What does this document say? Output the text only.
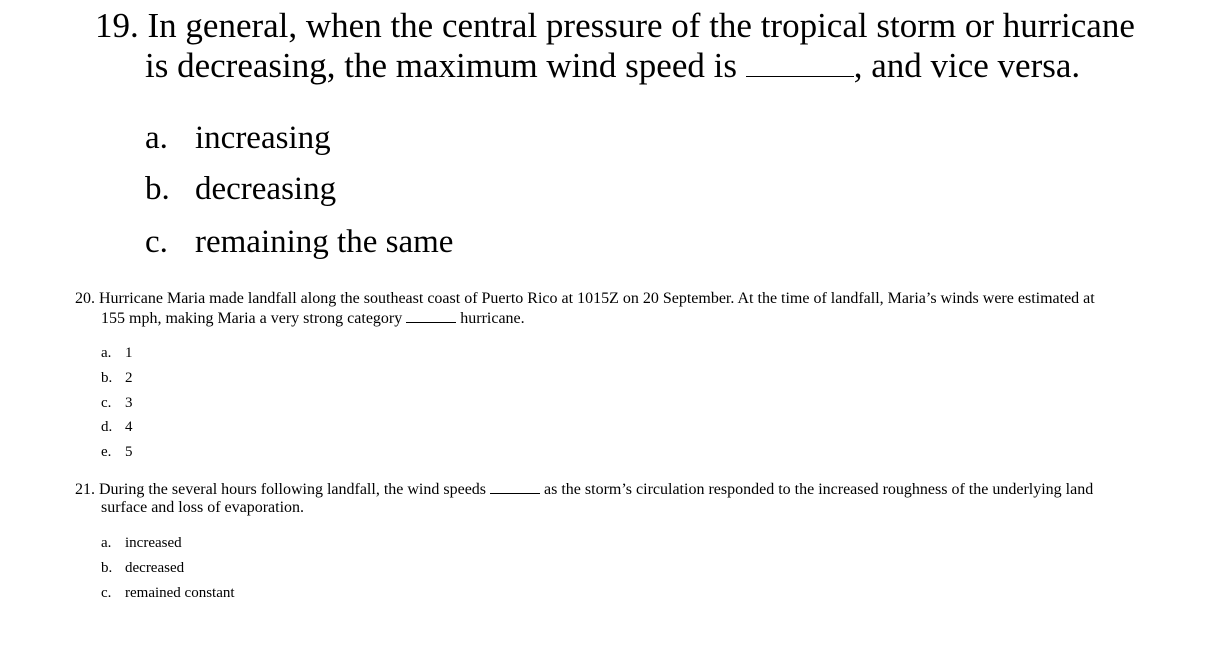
19. In general, when the central pressure of the tropical storm or hurricane
is decreasing, the maximum wind speed is	, and vice versa.
a. increasing
b. decreasing
c. remaining the same
20. Hurricane Maria made landfall along the southeast coast of Puerto Rico at 1015Z on 20 September. At the time of landfall, Maria’s winds were estimated at
155 mph, making Maria a very strong category	hurricane.
a. 1
b. 2
c. 3
d. 4
e. 5
21. During the several hours following landfall, the wind speeds	as the storm’s circulation responded to the increased roughness of the underlying land
surface and loss of evaporation.
a. increased
b. decreased
c. remained constant
